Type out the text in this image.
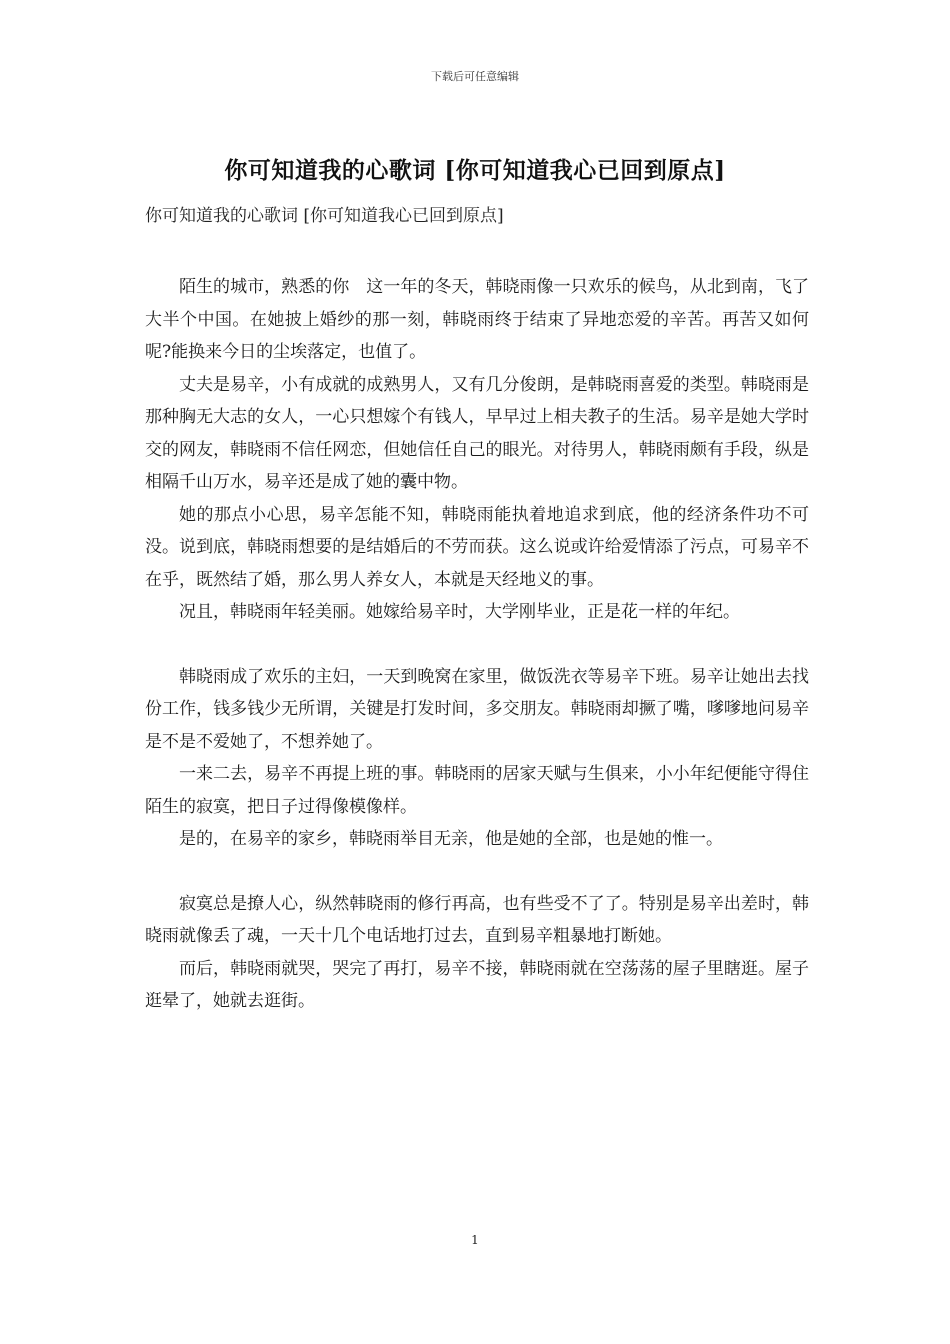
下载后可任意编辑
你可知道我的心歌词 [你可知道我心已回到原点]
你可知道我的心歌词 [你可知道我心已回到原点]

陌生的城市，熟悉的你　这一年的冬天，韩晓雨像一只欢乐的候鸟，从北到南，飞了大半个中国。在她披上婚纱的那一刻，韩晓雨终于结束了异地恋爱的辛苦。再苦又如何呢?能换来今日的尘埃落定，也值了。

丈夫是易辛，小有成就的成熟男人，又有几分俊朗，是韩晓雨喜爱的类型。韩晓雨是那种胸无大志的女人，一心只想嫁个有钱人，早早过上相夫教子的生活。易辛是她大学时交的网友，韩晓雨不信任网恋，但她信任自己的眼光。对待男人，韩晓雨颇有手段，纵是相隔千山万水，易辛还是成了她的囊中物。

她的那点小心思，易辛怎能不知，韩晓雨能执着地追求到底，他的经济条件功不可没。说到底，韩晓雨想要的是结婚后的不劳而获。这么说或许给爱情添了污点，可易辛不在乎，既然结了婚，那么男人养女人，本就是天经地义的事。

况且，韩晓雨年轻美丽。她嫁给易辛时，大学刚毕业，正是花一样的年纪。

韩晓雨成了欢乐的主妇，一天到晚窝在家里，做饭洗衣等易辛下班。易辛让她出去找份工作，钱多钱少无所谓，关键是打发时间，多交朋友。韩晓雨却撅了嘴，嗲嗲地问易辛是不是不爱她了，不想养她了。

一来二去，易辛不再提上班的事。韩晓雨的居家天赋与生俱来，小小年纪便能守得住陌生的寂寞，把日子过得像模像样。

是的，在易辛的家乡，韩晓雨举目无亲，他是她的全部，也是她的惟一。

寂寞总是撩人心，纵然韩晓雨的修行再高，也有些受不了了。特别是易辛出差时，韩晓雨就像丢了魂，一天十几个电话地打过去，直到易辛粗暴地打断她。

而后，韩晓雨就哭，哭完了再打，易辛不接，韩晓雨就在空荡荡的屋子里瞎逛。屋子逛晕了，她就去逛街。

1
